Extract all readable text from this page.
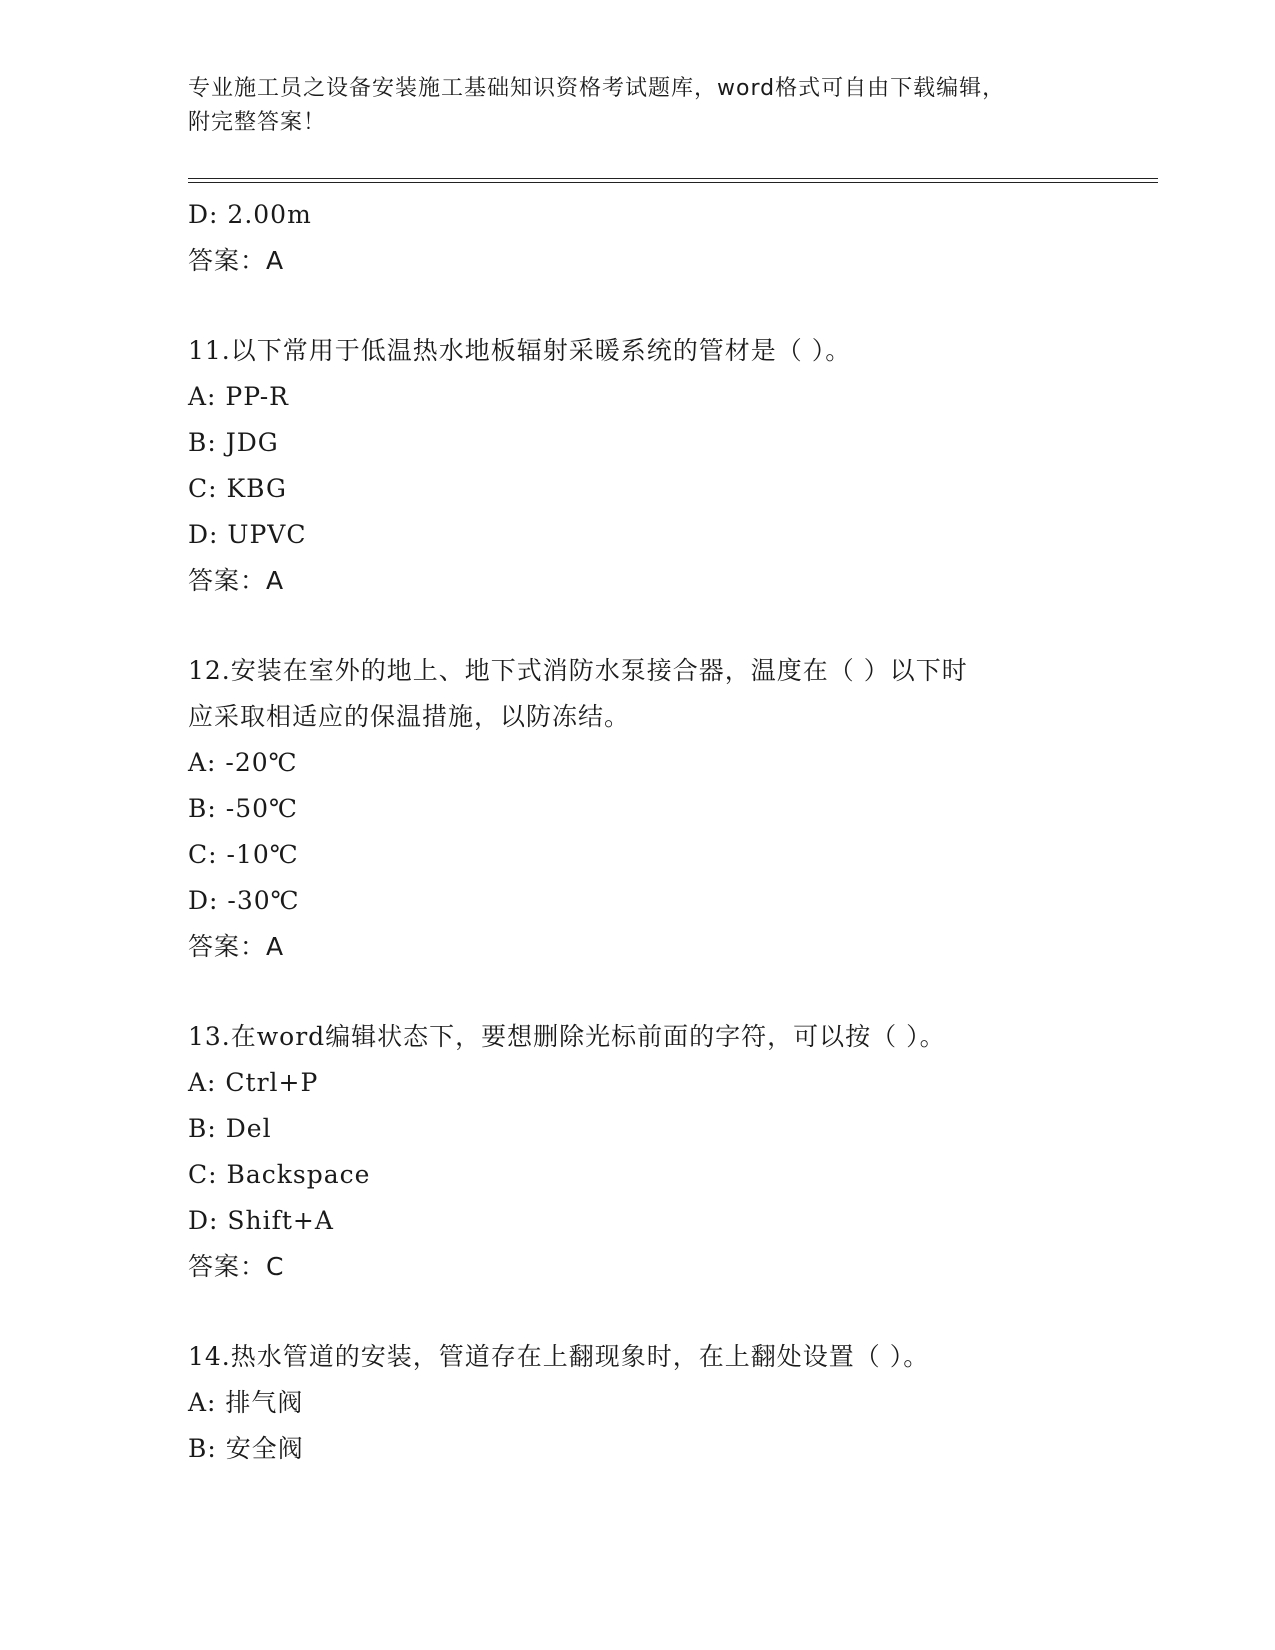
专业施工员之设备安装施工基础知识资格考试题库，word格式可自由下载编辑，
附完整答案！
D: 2.00m
答案：A
11.以下常用于低温热水地板辐射采暖系统的管材是（ ）。
A: PP-R
B: JDG
C: KBG
D: UPVC
答案：A
12.安装在室外的地上、地下式消防水泵接合器，温度在（ ）以下时
应采取相适应的保温措施，以防冻结。
A: -20℃
B: -50℃
C: -10℃
D: -30℃
答案：A
13.在word编辑状态下，要想删除光标前面的字符，可以按（ ）。
A: Ctrl+P
B: Del
C: Backspace
D: Shift+A
答案：C
14.热水管道的安装，管道存在上翻现象时，在上翻处设置（ ）。
A: 排气阀
B: 安全阀
